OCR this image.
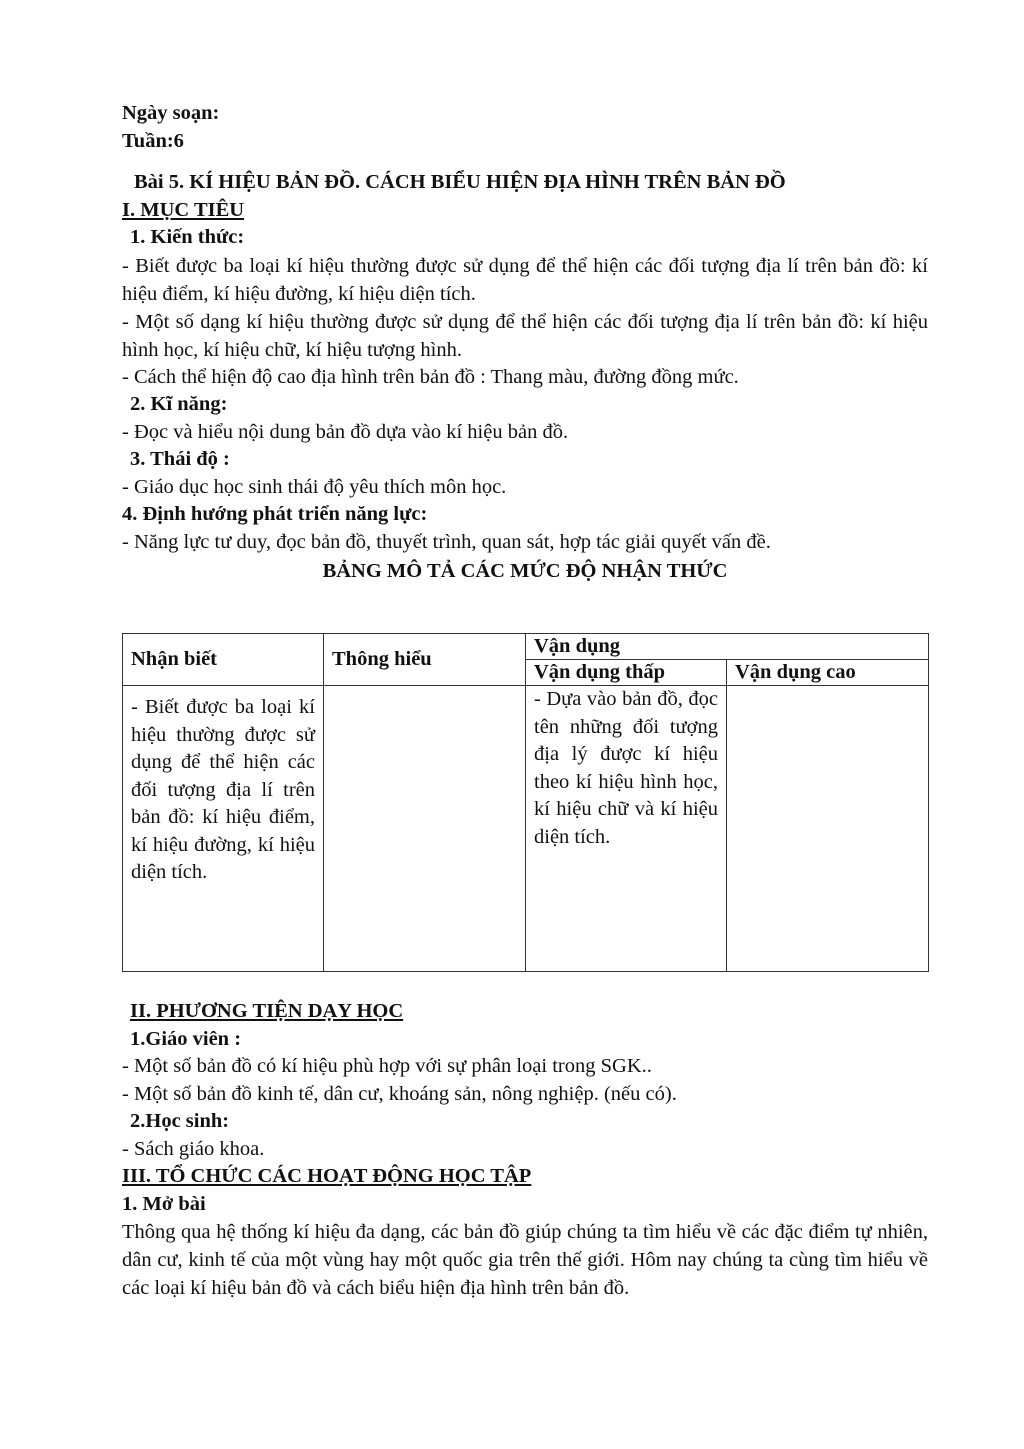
Ngày soạn:

Tuần:6

Bài 5. KÍ HIỆU BẢN ĐỒ. CÁCH BIỂU HIỆN ĐỊA HÌNH TRÊN BẢN ĐỒ

I. MỤC TIÊU

1. Kiến thức:

- Biết được ba loại kí hiệu thường được sử dụng để thể hiện các đối tượng địa lí trên bản đồ: kí hiệu điểm, kí hiệu đường, kí hiệu diện tích.

- Một số dạng kí hiệu thường được sử dụng để thể hiện các đối tượng địa lí trên bản đồ: kí hiệu hình học, kí hiệu chữ, kí hiệu tượng hình.

- Cách thể hiện độ cao địa hình trên bản đồ : Thang màu, đường đồng mức.

2. Kĩ năng:

- Đọc và hiểu nội dung bản đồ dựa vào kí hiệu bản đồ.

3. Thái độ :

- Giáo dục học sinh thái độ yêu thích môn học.

4. Định hướng phát triển năng lực:

- Năng lực tư duy, đọc bản đồ, thuyết trình, quan sát, hợp tác giải quyết vấn đề.

BẢNG MÔ TẢ CÁC MỨC ĐỘ NHẬN THỨC

Nhận biết	Thông hiểu	Vận dụng	
		Vận dụng thấp	Vận dụng cao

- Biết được ba loại kí hiệu thường được sử dụng để thể hiện các đối tượng địa lí trên bản đồ: kí hiệu điểm, kí hiệu đường, kí hiệu diện tích.		- Dựa vào bản đồ, đọc tên những đối tượng địa lý được kí hiệu theo kí hiệu hình học, kí hiệu chữ và kí hiệu diện tích.	

II. PHƯƠNG TIỆN DẠY HỌC

1.Giáo viên :

- Một số bản đồ có kí hiệu phù hợp với sự phân loại trong SGK..

- Một số bản đồ kinh tế, dân cư, khoáng sản, nông nghiệp. (nếu có).

2.Học sinh:

- Sách giáo khoa.

III. TỔ CHỨC CÁC HOẠT ĐỘNG HỌC TẬP

1. Mở bài

Thông qua hệ thống kí hiệu đa dạng, các bản đồ giúp chúng ta tìm hiểu về các đặc điểm tự nhiên, dân cư, kinh tế của một vùng hay một quốc gia trên thế giới. Hôm nay chúng ta cùng tìm hiểu về các loại kí hiệu bản đồ và cách biểu hiện địa hình trên bản đồ.
